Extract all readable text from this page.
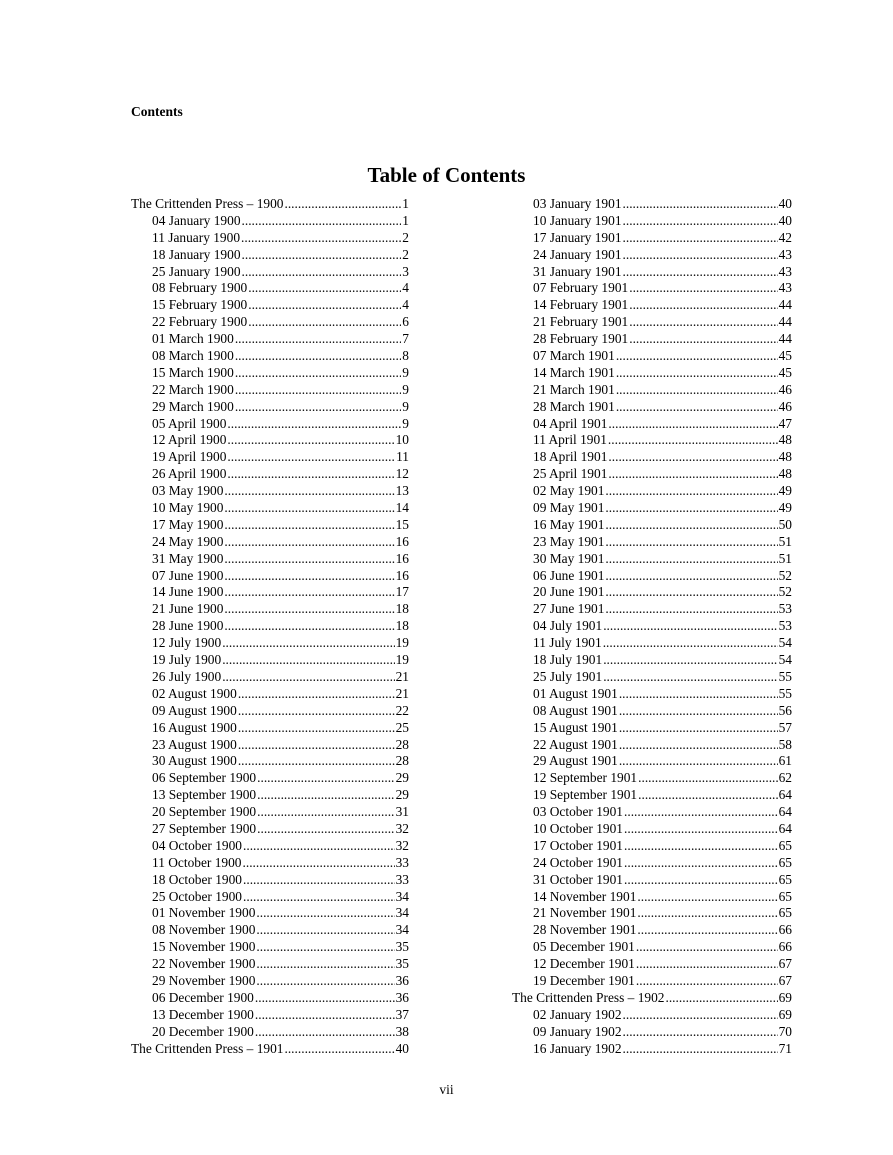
Contents
Table of Contents
The Crittenden Press – 1900 .....	1
04 January 1900 .....	1
11 January 1900 .....	2
18 January 1900 .....	2
25 January 1900 .....	3
08 February 1900 .....	4
15 February 1900 .....	4
22 February 1900 .....	6
01 March 1900 .....	7
08 March 1900 .....	8
15 March 1900 .....	9
22 March 1900 .....	9
29 March 1900 .....	9
05 April 1900 .....	9
12 April 1900 .....	10
19 April 1900 .....	11
26 April 1900 .....	12
03 May 1900 .....	13
10 May 1900 .....	14
17 May 1900 .....	15
24 May 1900 .....	16
31 May 1900 .....	16
07 June 1900 .....	16
14 June 1900 .....	17
21 June 1900 .....	18
28 June 1900 .....	18
12 July 1900 .....	19
19 July 1900 .....	19
26 July 1900 .....	21
02 August 1900 .....	21
09 August 1900 .....	22
16 August 1900 .....	25
23 August 1900 .....	28
30 August 1900 .....	28
06 September 1900 .....	29
13 September 1900 .....	29
20 September 1900 .....	31
27 September 1900 .....	32
04 October 1900 .....	32
11 October 1900 .....	33
18 October 1900 .....	33
25 October 1900 .....	34
01 November 1900 .....	34
08 November 1900 .....	34
15 November 1900 .....	35
22 November 1900 .....	35
29 November 1900 .....	36
06 December 1900 .....	36
13 December 1900 .....	37
20 December 1900 .....	38
The Crittenden Press – 1901 .....	40
03 January 1901 .....	40
10 January 1901 .....	40
17 January 1901 .....	42
24 January 1901 .....	43
31 January 1901 .....	43
07 February 1901 .....	43
14 February 1901 .....	44
21 February 1901 .....	44
28 February 1901 .....	44
07 March 1901 .....	45
14 March 1901 .....	45
21 March 1901 .....	46
28 March 1901 .....	46
04 April 1901 .....	47
11 April 1901 .....	48
18 April 1901 .....	48
25 April 1901 .....	48
02 May 1901 .....	49
09 May 1901 .....	49
16 May 1901 .....	50
23 May 1901 .....	51
30 May 1901 .....	51
06 June 1901 .....	52
20 June 1901 .....	52
27 June 1901 .....	53
04 July 1901 .....	53
11 July 1901 .....	54
18 July 1901 .....	54
25 July 1901 .....	55
01 August 1901 .....	55
08 August 1901 .....	56
15 August 1901 .....	57
22 August 1901 .....	58
29 August 1901 .....	61
12 September 1901 .....	62
19 September 1901 .....	64
03 October 1901 .....	64
10 October 1901 .....	64
17 October 1901 .....	65
24 October 1901 .....	65
31 October 1901 .....	65
14 November 1901 .....	65
21 November 1901 .....	65
28 November 1901 .....	66
05 December 1901 .....	66
12 December 1901 .....	67
19 December 1901 .....	67
The Crittenden Press – 1902 .....	69
02 January 1902 .....	69
09 January 1902 .....	70
16 January 1902 .....	71
vii
